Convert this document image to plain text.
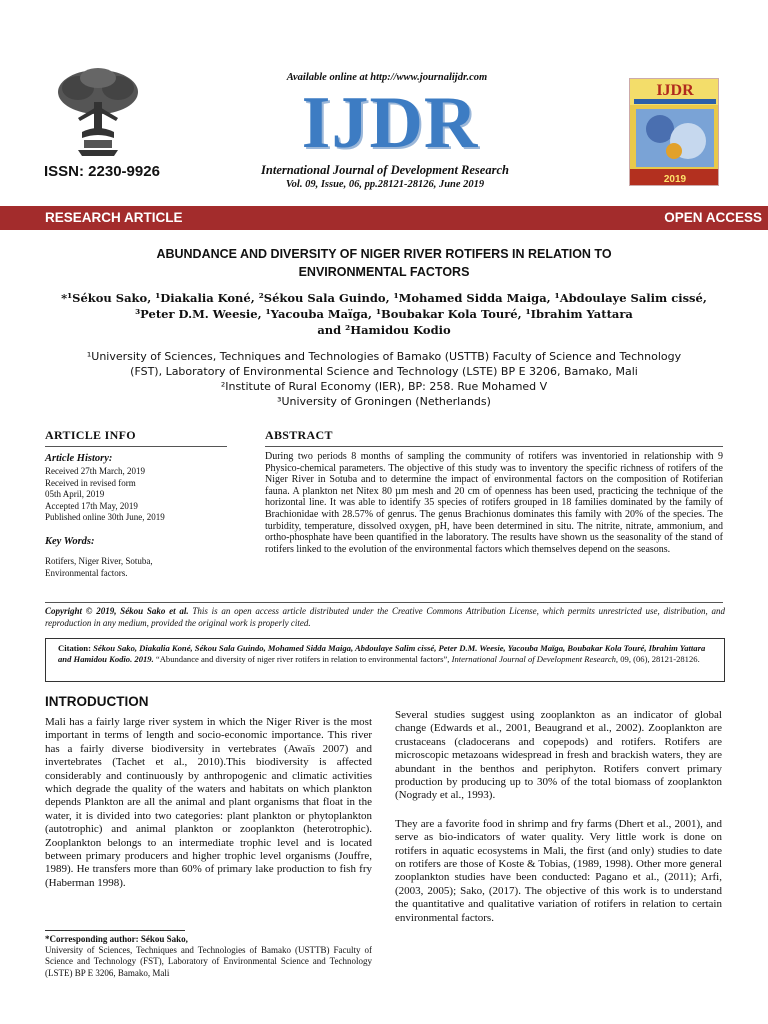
ISSN: 2230-9926
Available online at http://www.journalijdr.com
IJDR
International Journal of Development Research
Vol. 09, Issue, 06, pp.28121-28126, June 2019
IJDR
2019
RESEARCH ARTICLE	OPEN ACCESS
ABUNDANCE AND DIVERSITY OF NIGER RIVER ROTIFERS IN RELATION TO
ENVIRONMENTAL FACTORS
*¹Sékou Sako, ¹Diakalia Koné, ²Sékou Sala Guindo, ¹Mohamed Sidda Maiga, ¹Abdoulaye Salim cissé,
³Peter D.M. Weesie, ¹Yacouba Maïga, ¹Boubakar Kola Touré, ¹Ibrahim Yattara
and ²Hamidou Kodio
¹University of Sciences, Techniques and Technologies of Bamako (USTTB) Faculty of Science and Technology
(FST), Laboratory of Environmental Science and Technology (LSTE) BP E 3206, Bamako, Mali
²Institute of Rural Economy (IER), BP: 258. Rue Mohamed V
³University of Groningen (Netherlands)
ARTICLE INFO	ABSTRACT
Article History:
Received 27th March, 2019
Received in revised form
05th April, 2019
Accepted 17th May, 2019
Published online 30th June, 2019
Key Words:
Rotifers, Niger River, Sotuba,
Environmental factors.
During two periods 8 months of sampling the community of rotifers was inventoried in relationship with 9 Physico-chemical parameters. The objective of this study was to inventory the specific richness of rotifers of the Niger River in Sotuba and to determine the impact of environmental factors on the composition of Rotiferian fauna. A plankton net Nitex 80 µm mesh and 20 cm of openness has been used, practicing the technique of the horizontal line. It was able to identify 35 species of rotifers grouped in 18 families dominated by the family of Brachionidae with 28.57% of genrus. The genus Brachionus dominates this family with 20% of the species. The turbidity, temperature, dissolved oxygen, pH, have been determined in situ. The nitrite, nitrate, ammonium, and ortho-phosphate have been quantified in the laboratory. The results have shown us the seasonality of the stand of rotifers linked to the evolution of the environmental factors which themselves depend on the seasons.
Copyright © 2019, Sékou Sako et al. This is an open access article distributed under the Creative Commons Attribution License, which permits unrestricted use, distribution, and reproduction in any medium, provided the original work is properly cited.
Citation: Sékou Sako, Diakalia Koné, Sékou Sala Guindo, Mohamed Sidda Maiga, Abdoulaye Salim cissé, Peter D.M. Weesie, Yacouba Maïga, Boubakar Kola Touré, Ibrahim Yattara and Hamidou Kodio. 2019. “Abundance and diversity of niger river rotifers in relation to environmental factors”, International Journal of Development Research, 09, (06), 28121-28126.
INTRODUCTION

Mali has a fairly large river system in which the Niger River is the most important in terms of length and socio-economic importance. This river has a fairly diverse biodiversity in vertebrates (Awaïs 2007) and invertebrates (Tachet et al., 2010).This biodiversity is affected considerably and continuously by anthropogenic and climatic activities which degrade the quality of the waters and habitats on which plankton depends Plankton are all the animal and plant organisms that float in the water, it is divided into two categories: plant plankton or phytoplankton (autotrophic) and animal plankton or zooplankton (heterotrophic). Zooplankton belongs to an intermediate trophic level and is located between primary producers and higher trophic level organisms (Jouffre, 1989). He transfers more than 60% of primary lake production to fish fry (Haberman 1998).

Several studies suggest using zooplankton as an indicator of global change (Edwards et al., 2001, Beaugrand et al., 2002). Zooplankton are crustaceans (cladocerans and copepods) and rotifers. Rotifers are microscopic metazoans widespread in fresh and brackish waters, they are abundant in the benthos and periphyton. Rotifers convert primary production by producing up to 30% of the total biomass of zooplankton (Nogrady et al., 1993).

They are a favorite food in shrimp and fry farms (Dhert et al., 2001), and serve as bio-indicators of water quality. Very little work is done on rotifers in aquatic ecosystems in Mali, the first (and only) studies to date on rotifers are those of Koste & Tobias, (1989, 1998). Other more general zooplankton studies have been conducted: Pagano et al., (2011); Arfi, (2003, 2005); Sako, (2017). The objective of this work is to understand the quantitative and qualitative variation of rotifers in relation to certain environmental factors.

*Corresponding author: Sékou Sako,
University of Sciences, Techniques and Technologies of Bamako (USTTB) Faculty of Science and Technology (FST), Laboratory of Environmental Science and Technology (LSTE) BP E 3206, Bamako, Mali
